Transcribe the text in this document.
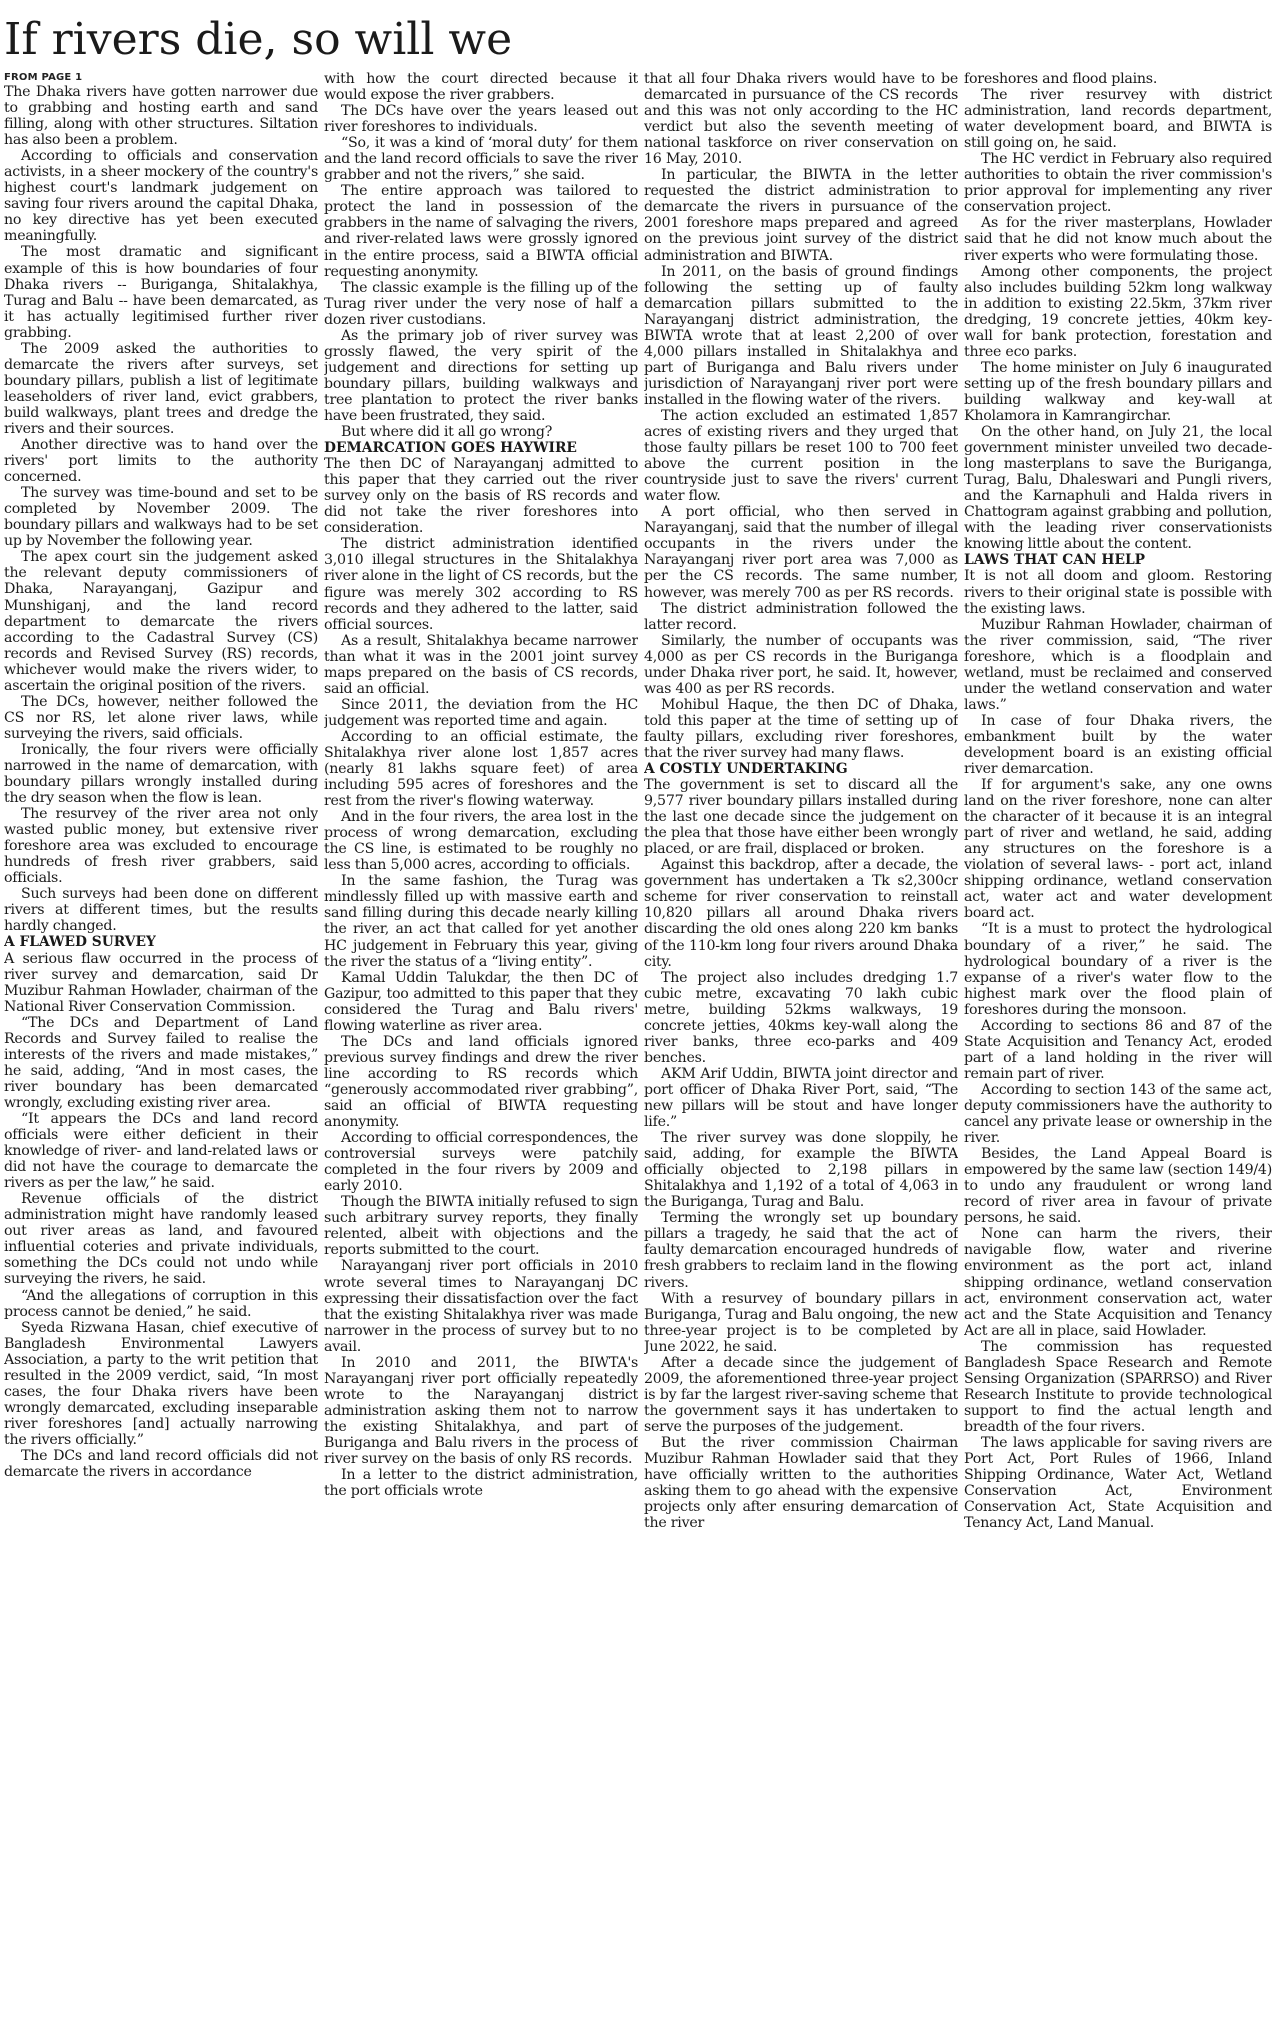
If rivers die, so will we
FROM PAGE 1

The Dhaka rivers have gotten narrower due to grabbing and hosting earth and sand filling, along with other structures. Siltation has also been a problem.

According to officials and conservation activists, in a sheer mockery of the country's highest court's landmark judgement on saving four rivers around the capital Dhaka, no key directive has yet been executed meaningfully.

The most dramatic and significant example of this is how boundaries of four Dhaka rivers -- Buriganga, Shitalakhya, Turag and Balu -- have been demarcated, as it has actually legitimised further river grabbing.

The 2009 asked the authorities to demarcate the rivers after surveys, set boundary pillars, publish a list of legitimate leaseholders of river land, evict grabbers, build walkways, plant trees and dredge the rivers and their sources.

Another directive was to hand over the rivers' port limits to the authority concerned.

The survey was time-bound and set to be completed by November 2009. The boundary pillars and walkways had to be set up by November the following year.

The apex court sin the judgement asked the relevant deputy commissioners of Dhaka, Narayanganj, Gazipur and Munshiganj, and the land record department to demarcate the rivers according to the Cadastral Survey (CS) records and Revised Survey (RS) records, whichever would make the rivers wider, to ascertain the original position of the rivers.

The DCs, however, neither followed the CS nor RS, let alone river laws, while surveying the rivers, said officials.

Ironically, the four rivers were officially narrowed in the name of demarcation, with boundary pillars wrongly installed during the dry season when the flow is lean.

The resurvey of the river area not only wasted public money, but extensive river foreshore area was excluded to encourage hundreds of fresh river grabbers, said officials.

Such surveys had been done on different rivers at different times, but the results hardly changed.

A FLAWED SURVEY

A serious flaw occurred in the process of river survey and demarcation, said Dr Muzibur Rahman Howlader, chairman of the National River Conservation Commission.

“The DCs and Department of Land Records and Survey failed to realise the interests of the rivers and made mistakes,” he said, adding, “And in most cases, the river boundary has been demarcated wrongly, excluding existing river area.

“It appears the DCs and land record officials were either deficient in their knowledge of river- and land-related laws or did not have the courage to demarcate the rivers as per the law,” he said.

Revenue officials of the district administration might have randomly leased out river areas as land, and favoured influential coteries and private individuals, something the DCs could not undo while surveying the rivers, he said.

“And the allegations of corruption in this process cannot be denied,” he said.

Syeda Rizwana Hasan, chief executive of Bangladesh Environmental Lawyers Association, a party to the writ petition that resulted in the 2009 verdict, said, “In most cases, the four Dhaka rivers have been wrongly demarcated, excluding inseparable river foreshores [and] actually narrowing the rivers officially.”

The DCs and land record officials did not demarcate the rivers in accordance

with how the court directed because it would expose the river grabbers.

The DCs have over the years leased out river foreshores to individuals.

“So, it was a kind of ‘moral duty’ for them and the land record officials to save the river grabber and not the rivers,” she said.

The entire approach was tailored to protect the land in possession of the grabbers in the name of salvaging the rivers, and river-related laws were grossly ignored in the entire process, said a BIWTA official requesting anonymity.

The classic example is the filling up of the Turag river under the very nose of half a dozen river custodians.

As the primary job of river survey was grossly flawed, the very spirit of the judgement and directions for setting up boundary pillars, building walkways and tree plantation to protect the river banks have been frustrated, they said.

But where did it all go wrong?

DEMARCATION GOES HAYWIRE

The then DC of Narayanganj admitted to this paper that they carried out the river survey only on the basis of RS records and did not take the river foreshores into consideration.

The district administration identified 3,010 illegal structures in the Shitalakhya river alone in the light of CS records, but the figure was merely 302 according to RS records and they adhered to the latter, said official sources.

As a result, Shitalakhya became narrower than what it was in the 2001 joint survey maps prepared on the basis of CS records, said an official.

Since 2011, the deviation from the HC judgement was reported time and again.

According to an official estimate, the Shitalakhya river alone lost 1,857 acres (nearly 81 lakhs square feet) of area including 595 acres of foreshores and the rest from the river's flowing waterway.

And in the four rivers, the area lost in the process of wrong demarcation, excluding the CS line, is estimated to be roughly no less than 5,000 acres, according to officials.

In the same fashion, the Turag was mindlessly filled up with massive earth and sand filling during this decade nearly killing the river, an act that called for yet another HC judgement in February this year, giving the river the status of a “living entity”.

Kamal Uddin Talukdar, the then DC of Gazipur, too admitted to this paper that they considered the Turag and Balu rivers' flowing waterline as river area.

The DCs and land officials ignored previous survey findings and drew the river line according to RS records which “generously accommodated river grabbing”, said an official of BIWTA requesting anonymity.

According to official correspondences, the controversial surveys were patchily completed in the four rivers by 2009 and early 2010.

Though the BIWTA initially refused to sign such arbitrary survey reports, they finally relented, albeit with objections and the reports submitted to the court.

Narayanganj river port officials in 2010 wrote several times to Narayanganj DC expressing their dissatisfaction over the fact that the existing Shitalakhya river was made narrower in the process of survey but to no avail.

In 2010 and 2011, the BIWTA's Narayanganj river port officially repeatedly wrote to the Narayanganj district administration asking them not to narrow the existing Shitalakhya, and part of Buriganga and Balu rivers in the process of river survey on the basis of only RS records.

In a letter to the district administration, the port officials wrote

that all four Dhaka rivers would have to be demarcated in pursuance of the CS records and this was not only according to the HC verdict but also the seventh meeting of national taskforce on river conservation on 16 May, 2010.

In particular, the BIWTA in the letter requested the district administration to demarcate the rivers in pursuance of the 2001 foreshore maps prepared and agreed on the previous joint survey of the district administration and BIWTA.

In 2011, on the basis of ground findings following the setting up of faulty demarcation pillars submitted to the Narayanganj district administration, the BIWTA wrote that at least 2,200 of over 4,000 pillars installed in Shitalakhya and part of Buriganga and Balu rivers under jurisdiction of Narayanganj river port were installed in the flowing water of the rivers.

The action excluded an estimated 1,857 acres of existing rivers and they urged that those faulty pillars be reset 100 to 700 feet above the current position in the countryside just to save the rivers' current water flow.

A port official, who then served in Narayanganj, said that the number of illegal occupants in the rivers under the Narayanganj river port area was 7,000 as per the CS records. The same number, however, was merely 700 as per RS records.

The district administration followed the latter record.

Similarly, the number of occupants was 4,000 as per CS records in the Buriganga under Dhaka river port, he said. It, however, was 400 as per RS records.

Mohibul Haque, the then DC of Dhaka, told this paper at the time of setting up of faulty pillars, excluding river foreshores, that the river survey had many flaws.

A COSTLY UNDERTAKING

The government is set to discard all the 9,577 river boundary pillars installed during the last one decade since the judgement on the plea that those have either been wrongly placed, or are frail, displaced or broken.

Against this backdrop, after a decade, the government has undertaken a Tk s2,300cr scheme for river conservation to reinstall 10,820 pillars all around Dhaka rivers discarding the old ones along 220 km banks of the 110-km long four rivers around Dhaka city.

The project also includes dredging 1.7 cubic metre, excavating 70 lakh cubic metre, building 52kms walkways, 19 concrete jetties, 40kms key-wall along the river banks, three eco-parks and 409 benches.

AKM Arif Uddin, BIWTA joint director and port officer of Dhaka River Port, said, “The new pillars will be stout and have longer life.”

The river survey was done sloppily, he said, adding, for example the BIWTA officially objected to 2,198 pillars in Shitalakhya and 1,192 of a total of 4,063 in the Buriganga, Turag and Balu.

Terming the wrongly set up boundary pillars a tragedy, he said that the act of faulty demarcation encouraged hundreds of fresh grabbers to reclaim land in the flowing rivers.

With a resurvey of boundary pillars in Buriganga, Turag and Balu ongoing, the new three-year project is to be completed by June 2022, he said.

After a decade since the judgement of 2009, the aforementioned three-year project is by far the largest river-saving scheme that the government says it has undertaken to serve the purposes of the judgement.

But the river commission Chairman Muzibur Rahman Howlader said that they have officially written to the authorities asking them to go ahead with the expensive projects only after ensuring demarcation of the river

foreshores and flood plains.

The river resurvey with district administration, land records department, water development board, and BIWTA is still going on, he said.

The HC verdict in February also required authorities to obtain the river commission's prior approval for implementing any river conservation project.

As for the river masterplans, Howlader said that he did not know much about the river experts who were formulating those.

Among other components, the project also includes building 52km long walkway in addition to existing 22.5km, 37km river dredging, 19 concrete jetties, 40km key-wall for bank protection, forestation and three eco parks.

The home minister on July 6 inaugurated setting up of the fresh boundary pillars and building walkway and key-wall at Kholamora in Kamrangirchar.

On the other hand, on July 21, the local government minister unveiled two decade-long masterplans to save the Buriganga, Turag, Balu, Dhaleswari and Pungli rivers, and the Karnaphuli and Halda rivers in Chattogram against grabbing and pollution, with the leading river conservationists knowing little about the content.

LAWS THAT CAN HELP

It is not all doom and gloom. Restoring rivers to their original state is possible with the existing laws.

Muzibur Rahman Howlader, chairman of the river commission, said, “The river foreshore, which is a floodplain and wetland, must be reclaimed and conserved under the wetland conservation and water laws.”

In case of four Dhaka rivers, the embankment built by the water development board is an existing official river demarcation.

If for argument's sake, any one owns land on the river foreshore, none can alter the character of it because it is an integral part of river and wetland, he said, adding any structures on the foreshore is a violation of several laws- - port act, inland shipping ordinance, wetland conservation act, water act and water development board act.

“It is a must to protect the hydrological boundary of a river,” he said. The hydrological boundary of a river is the expanse of a river's water flow to the highest mark over the flood plain of foreshores during the monsoon.

According to sections 86 and 87 of the State Acquisition and Tenancy Act, eroded part of a land holding in the river will remain part of river.

According to section 143 of the same act, deputy commissioners have the authority to cancel any private lease or ownership in the river.

Besides, the Land Appeal Board is empowered by the same law (section 149/4) to undo any fraudulent or wrong land record of river area in favour of private persons, he said.

None can harm the rivers, their navigable flow, water and riverine environment as the port act, inland shipping ordinance, wetland conservation act, environment conservation act, water act and the State Acquisition and Tenancy Act are all in place, said Howlader.

The commission has requested Bangladesh Space Research and Remote Sensing Organization (SPARRSO) and River Research Institute to provide technological support to find the actual length and breadth of the four rivers.

The laws applicable for saving rivers are Port Act, Port Rules of 1966, Inland Shipping Ordinance, Water Act, Wetland Conservation Act, Environment Conservation Act, State Acquisition and Tenancy Act, Land Manual.
